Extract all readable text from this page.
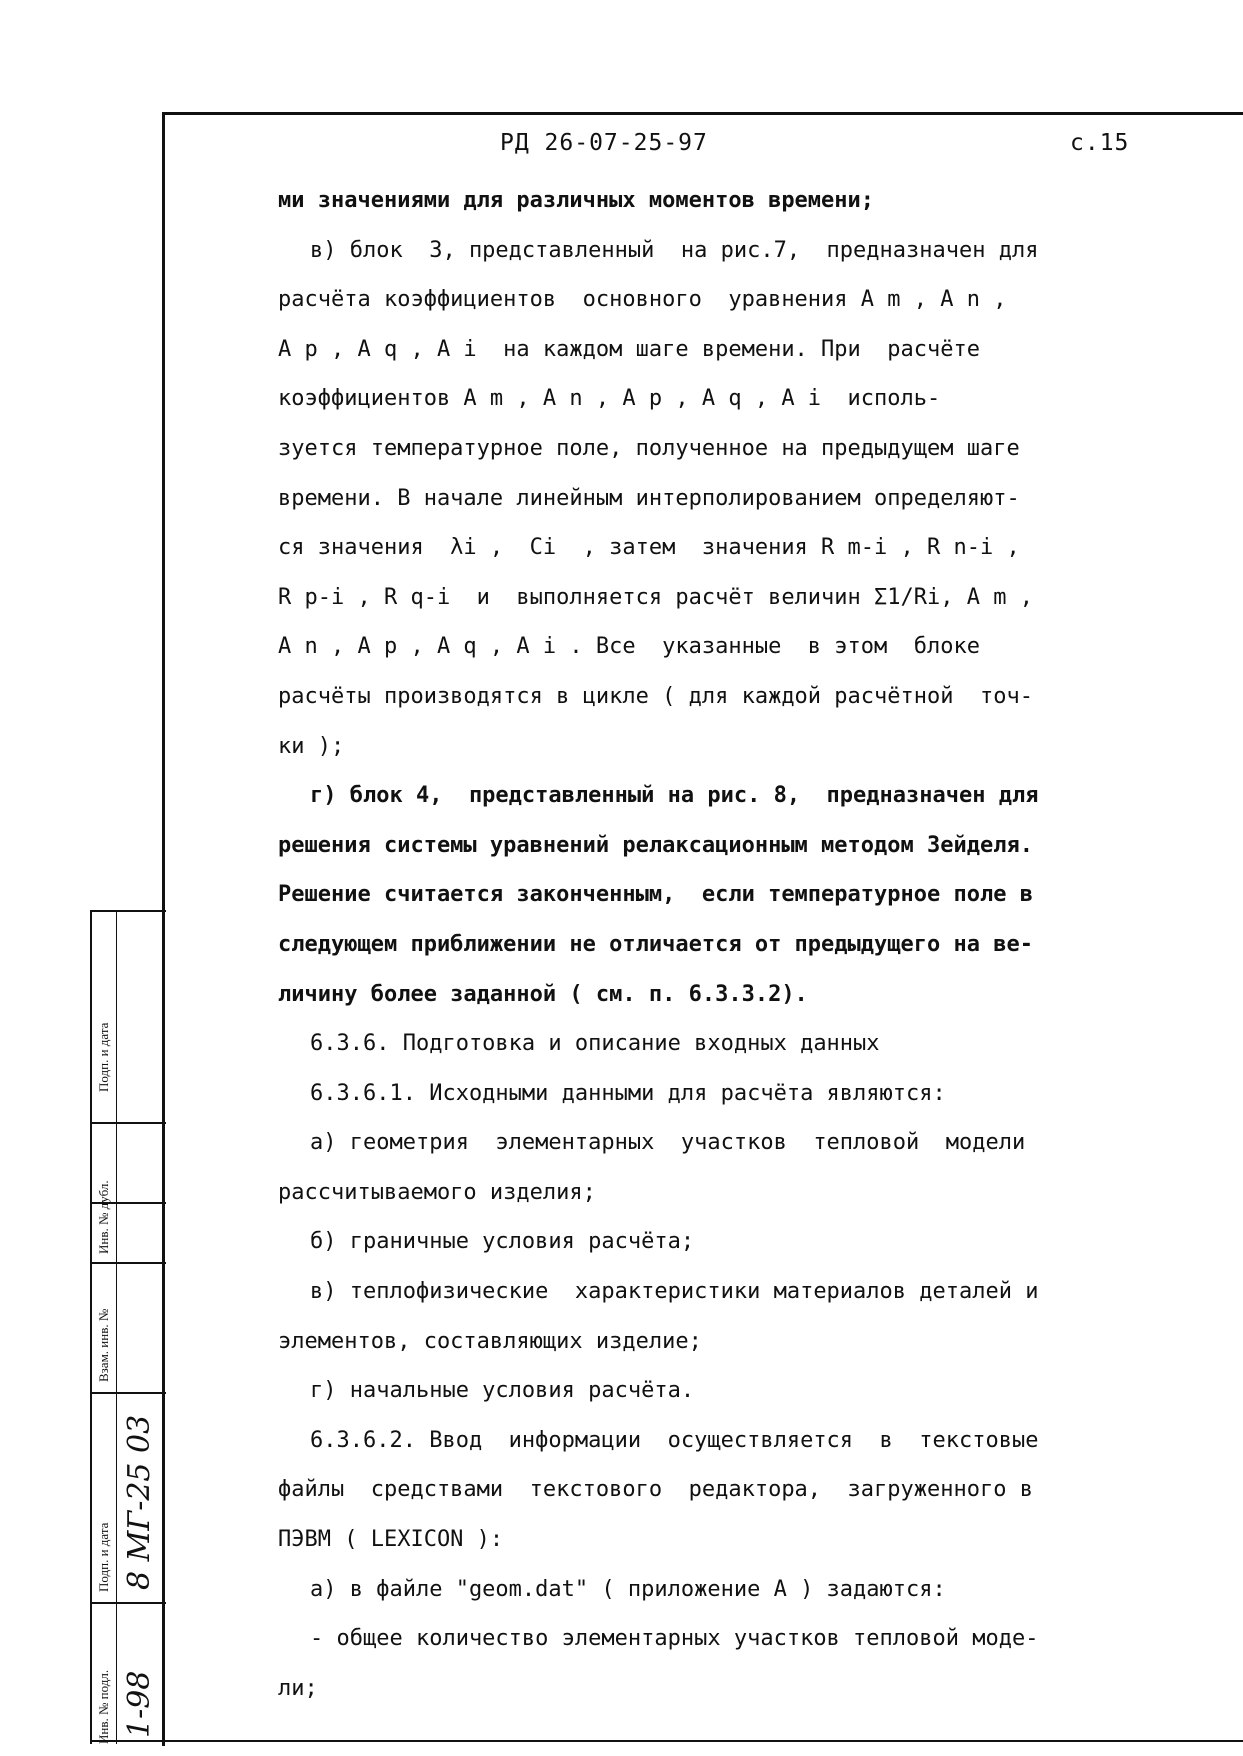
РД 26-07-25-97	с.15
ми значениями для различных моментов времени;
в) блок  3, представленный  на рис.7,  предназначен для
расчёта коэффициентов  основного  уравнения А m , А n ,
А p , А q , А i  на каждом шаге времени. При  расчёте
коэффициентов А m , А n , А p , А q , А i  исполь-
зуется температурное поле, полученное на предыдущем шаге
времени. В начале линейным интерполированием определяют-
ся значения  λi ,  Ci  , затем  значения R m-i , R n-i ,
R p-i , R q-i  и  выполняется расчёт величин Σ1/Ri, А m ,
А n , А p , А q , А i . Все  указанные  в этом  блоке
расчёты производятся в цикле ( для каждой расчётной  точ-
ки );
г) блок 4,  представленный на рис. 8,  предназначен для
решения системы уравнений релаксационным методом Зейделя.
Решение считается законченным,  если температурное поле в
следующем приближении не отличается от предыдущего на ве-
личину более заданной ( см. п. 6.3.3.2).
6.3.6. Подготовка и описание входных данных
6.3.6.1. Исходными данными для расчёта являются:
а) геометрия  элементарных  участков  тепловой  модели
рассчитываемого изделия;
б) граничные условия расчёта;
в) теплофизические  характеристики материалов деталей и
элементов, составляющих изделие;
г) начальные условия расчёта.
6.3.6.2. Ввод  информации  осуществляется  в  текстовые
файлы  средствами  текстового  редактора,  загруженного в
ПЭВМ ( LEXICON ):
а) в файле "geom.dat" ( приложение А ) задаются:
- общее количество элементарных участков тепловой моде-
ли;
Инв. № подл.
Подп. и дата
Взам. инв. №
Инв. № дубл.
Подп. и дата
1-98
8 МГ-25 03
